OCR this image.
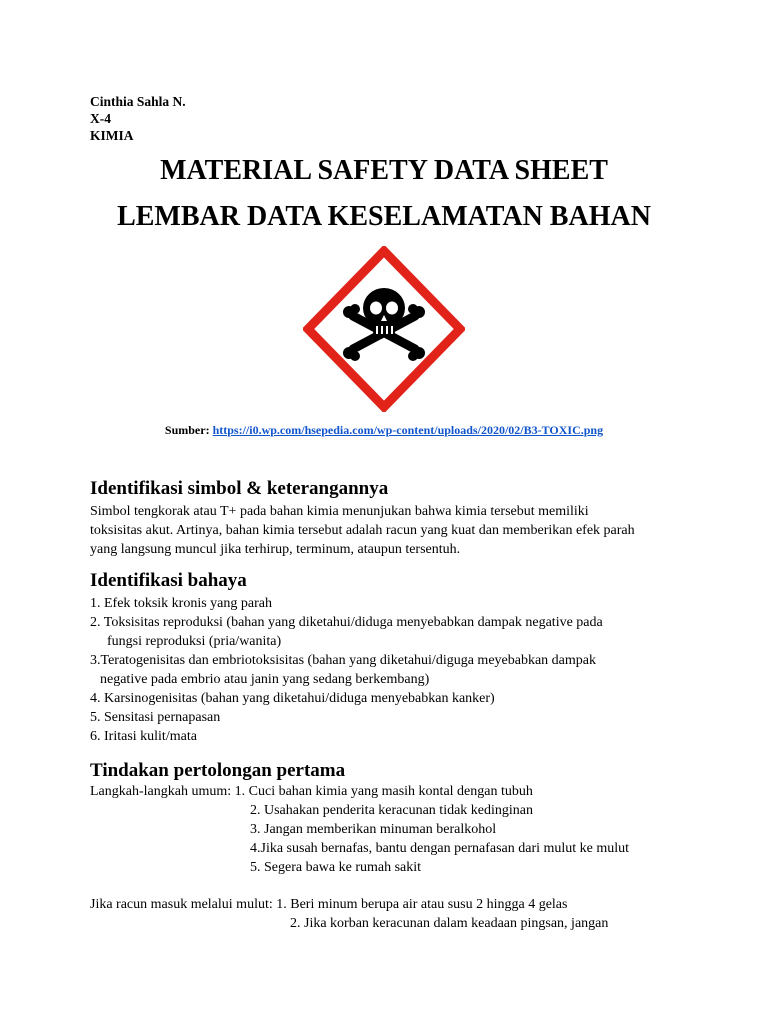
Cinthia Sahla N.
X-4
KIMIA
MATERIAL SAFETY DATA SHEET
LEMBAR DATA KESELAMATAN BAHAN
Sumber: https://i0.wp.com/hsepedia.com/wp-content/uploads/2020/02/B3-TOXIC.png
Identifikasi simbol & keterangannya
Simbol tengkorak atau T+ pada bahan kimia menunjukan bahwa kimia tersebut memiliki
toksisitas akut. Artinya, bahan kimia tersebut adalah racun yang kuat dan memberikan efek parah
yang langsung muncul jika terhirup, terminum, ataupun tersentuh.
Identifikasi bahaya
1. Efek toksik kronis yang parah
2. Toksisitas reproduksi (bahan yang diketahui/diduga menyebabkan dampak negative pada
fungsi reproduksi (pria/wanita)
3.Teratogenisitas dan embriotoksisitas (bahan yang diketahui/diguga meyebabkan dampak
negative pada embrio atau janin yang sedang berkembang)
4. Karsinogenisitas (bahan yang diketahui/diduga menyebabkan kanker)
5. Sensitasi pernapasan
6. Iritasi kulit/mata
Tindakan pertolongan pertama
Langkah-langkah umum: 1. Cuci bahan kimia yang masih kontal dengan tubuh
2. Usahakan penderita keracunan tidak kedinginan
3. Jangan memberikan minuman beralkohol
4.Jika susah bernafas, bantu dengan pernafasan dari mulut ke mulut
5. Segera bawa ke rumah sakit
Jika racun masuk melalui mulut: 1. Beri minum berupa air atau susu 2 hingga 4 gelas
2. Jika korban keracunan dalam keadaan pingsan, jangan
